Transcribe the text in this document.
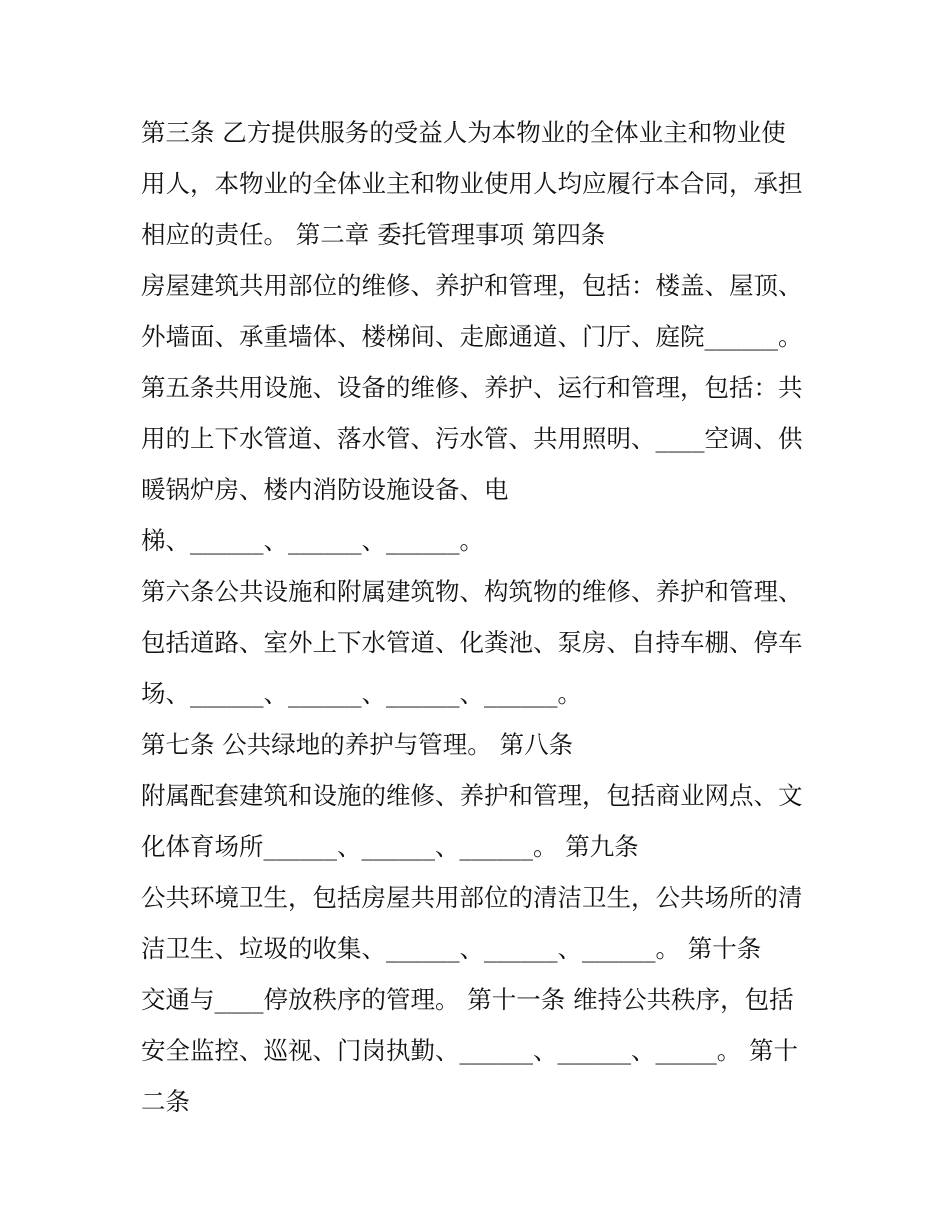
第三条 乙方提供服务的受益人为本物业的全体业主和物业使
用人，本物业的全体业主和物业使用人均应履行本合同，承担
相应的责任。 第二章 委托管理事项 第四条
房屋建筑共用部位的维修、养护和管理，包括：楼盖、屋顶、
外墙面、承重墙体、楼梯间、走廊通道、门厅、庭院______。
第五条共用设施、设备的维修、养护、运行和管理，包括：共
用的上下水管道、落水管、污水管、共用照明、____空调、供
暖锅炉房、楼内消防设施设备、电
梯、______、______、______。
第六条公共设施和附属建筑物、构筑物的维修、养护和管理、
包括道路、室外上下水管道、化粪池、泵房、自持车棚、停车
场、______、______、______、______。
第七条 公共绿地的养护与管理。 第八条
附属配套建筑和设施的维修、养护和管理，包括商业网点、文
化体育场所______、______、______。 第九条
公共环境卫生，包括房屋共用部位的清洁卫生，公共场所的清
洁卫生、垃圾的收集、______、______、______。 第十条
交通与____停放秩序的管理。 第十一条 维持公共秩序，包括
安全监控、巡视、门岗执勤、______、______、_____。 第十
二条
